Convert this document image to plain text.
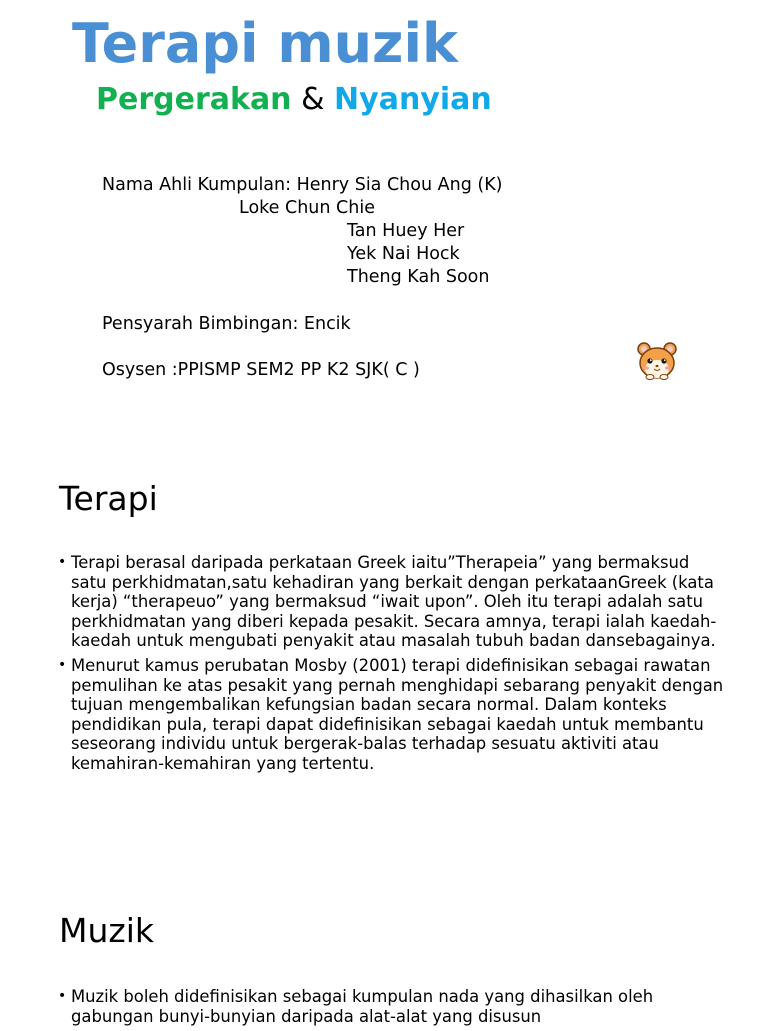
Terapi muzik
Pergerakan & Nyanyian
Nama Ahli Kumpulan: Henry Sia Chou Ang (K)
Loke Chun Chie
Tan Huey Her
Yek Nai Hock
Theng Kah Soon
Pensyarah Bimbingan: Encik
Osysen :PPISMP SEM2 PP K2 SJK( C )
Terapi
• Terapi berasal daripada perkataan Greek iaitu”Therapeia” yang bermaksud satu perkhidmatan,satu kehadiran yang berkait dengan perkataanGreek (kata kerja) “therapeuo” yang bermaksud “iwait upon”. Oleh itu terapi adalah satu perkhidmatan yang diberi kepada pesakit. Secara amnya, terapi ialah kaedah-kaedah untuk mengubati penyakit atau masalah tubuh badan dansebagainya.
• Menurut kamus perubatan Mosby (2001) terapi didefinisikan sebagai rawatan pemulihan ke atas pesakit yang pernah menghidapi sebarang penyakit dengan tujuan mengembalikan kefungsian badan secara normal. Dalam konteks pendidikan pula, terapi dapat didefinisikan sebagai kaedah untuk membantu seseorang individu untuk bergerak-balas terhadap sesuatu aktiviti atau kemahiran-kemahiran yang tertentu.
Muzik
• Muzik boleh didefinisikan sebagai kumpulan nada yang dihasilkan oleh gabungan bunyi-bunyian daripada alat-alat yang disusun
